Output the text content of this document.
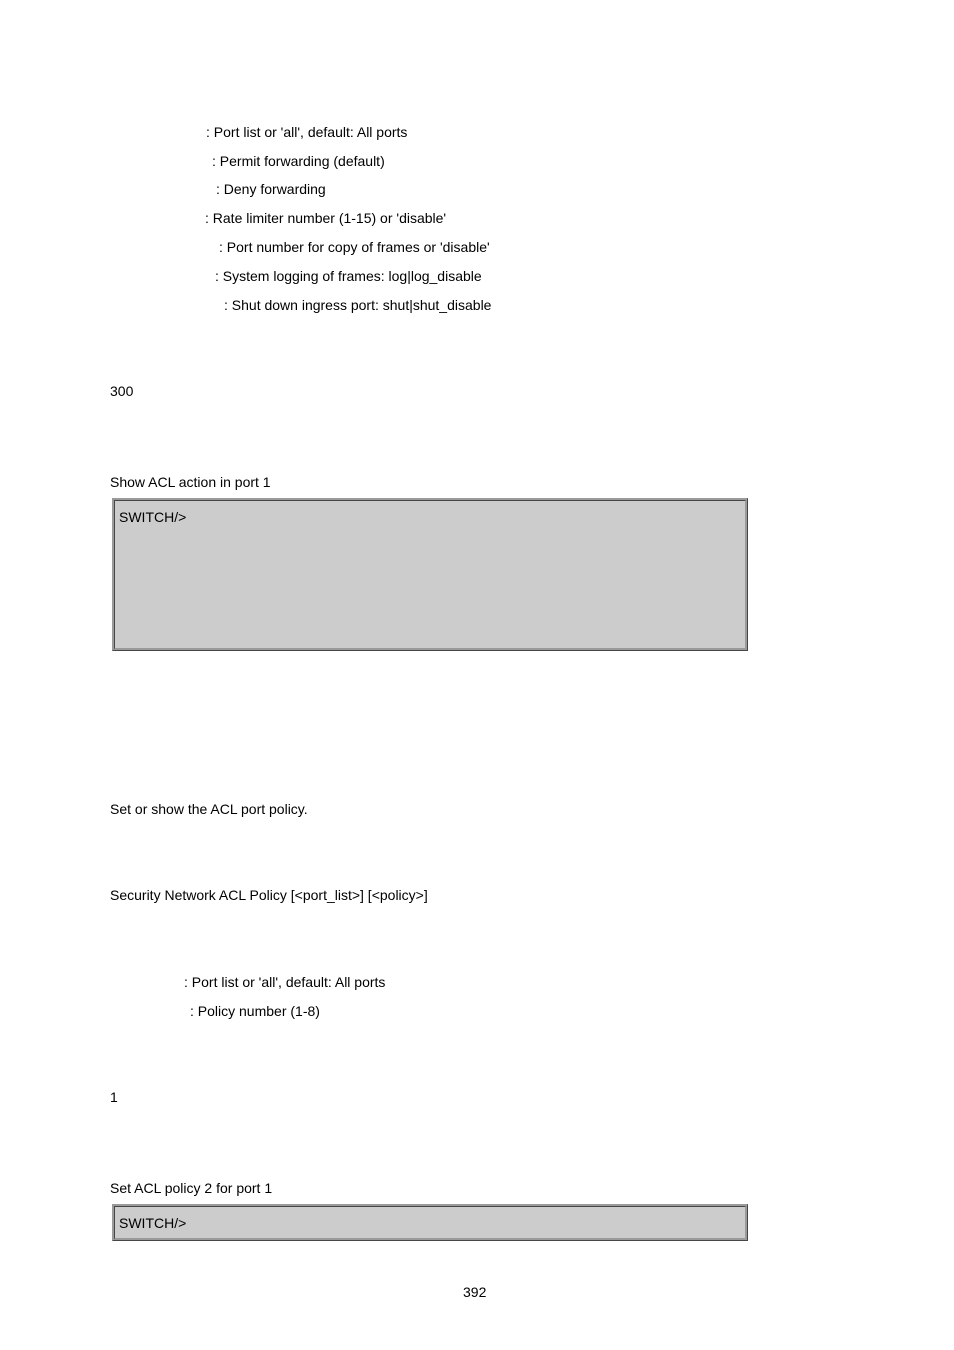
: Port list or 'all', default: All ports
: Permit forwarding (default)
: Deny forwarding
: Rate limiter number (1-15) or 'disable'
: Port number for copy of frames or 'disable'
: System logging of frames: log|log_disable
: Shut down ingress port: shut|shut_disable
300
Show ACL action in port 1
SWITCH/>
Set or show the ACL port policy.
Security Network ACL Policy [<port_list>] [<policy>]
: Port list or 'all', default: All ports
: Policy number (1-8)
1
Set ACL policy 2 for port 1
SWITCH/>
392
